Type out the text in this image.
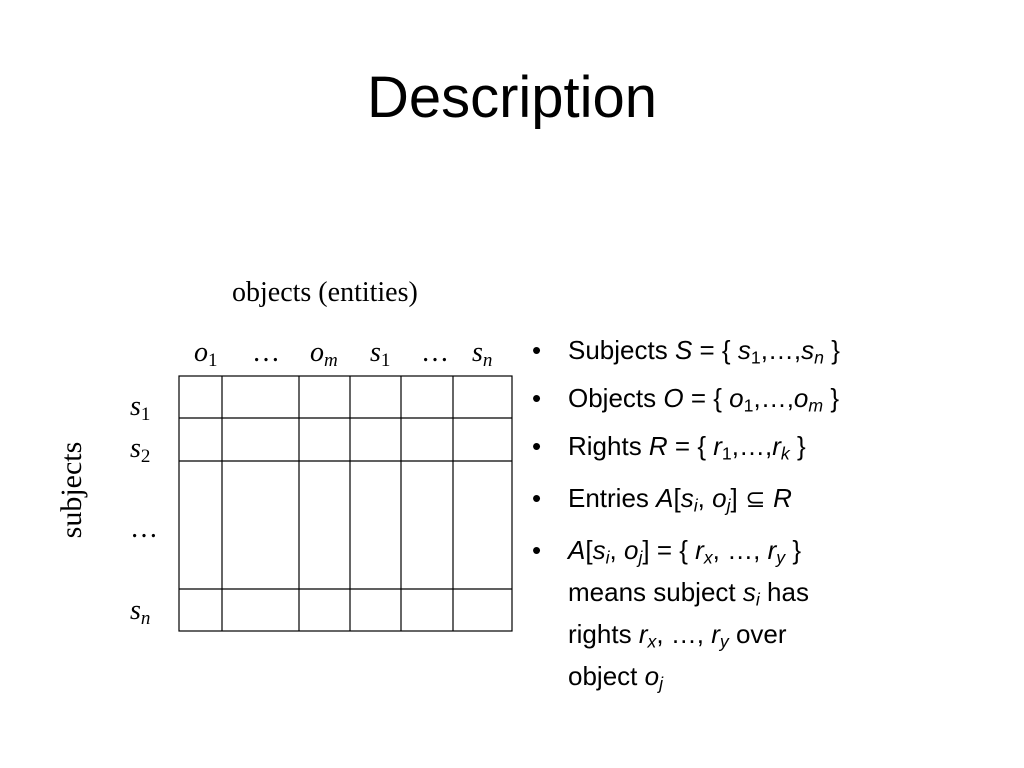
Description
objects (entities)
$o_1$ … $o_m$ $s_1$ … $s_n$
$s_1$
$s_2$
…
$s_n$
subjects
• Subjects S = { $s_1,\dots,s_n$ }
• Objects O = { $o_1,\dots,o_m$ }
• Rights R = { $r_1,\dots,r_k$ }
• Entries $A[s_i$, $o_j$] ⊆ R
• $A[s_i$, $o_j$] = { $r_x$, …, $r_y$ }
means subject $s_i$ has
rights $r_x$, …, $r_y$ over
object $o_j$
